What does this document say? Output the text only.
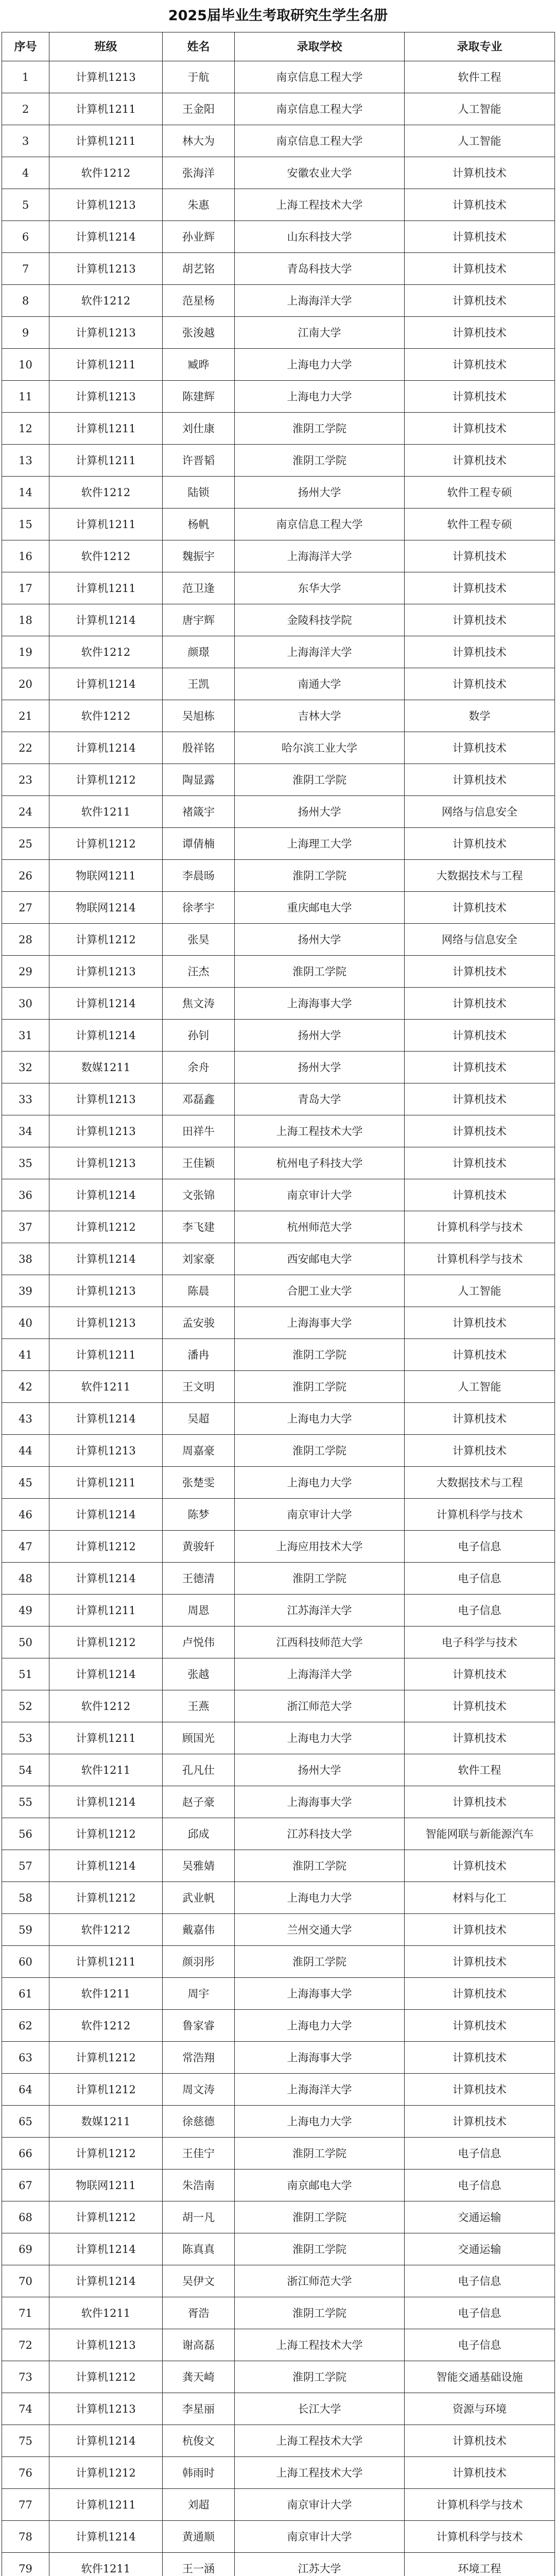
2025届毕业生考取研究生学生名册
序号	班级	姓名	录取学校	录取专业
1	计算机1213	于航	南京信息工程大学	软件工程
2	计算机1211	王金阳	南京信息工程大学	人工智能
3	计算机1211	林大为	南京信息工程大学	人工智能
4	软件1212	张海洋	安徽农业大学	计算机技术
5	计算机1213	朱惠	上海工程技术大学	计算机技术
6	计算机1214	孙业辉	山东科技大学	计算机技术
7	计算机1213	胡艺铭	青岛科技大学	计算机技术
8	软件1212	范星杨	上海海洋大学	计算机技术
9	计算机1213	张浚越	江南大学	计算机技术
10	计算机1211	臧晔	上海电力大学	计算机技术
11	计算机1213	陈建辉	上海电力大学	计算机技术
12	计算机1211	刘仕康	淮阴工学院	计算机技术
13	计算机1211	许晋韬	淮阴工学院	计算机技术
14	软件1212	陆锁	扬州大学	软件工程专硕
15	计算机1211	杨帆	南京信息工程大学	软件工程专硕
16	软件1212	魏振宇	上海海洋大学	计算机技术
17	计算机1211	范卫逢	东华大学	计算机技术
18	计算机1214	唐宇辉	金陵科技学院	计算机技术
19	软件1212	颜璟	上海海洋大学	计算机技术
20	计算机1214	王凯	南通大学	计算机技术
21	软件1212	吴旭栋	吉林大学	数学
22	计算机1214	殷祥铭	哈尔滨工业大学	计算机技术
23	计算机1212	陶显露	淮阴工学院	计算机技术
24	软件1211	褚箴宇	扬州大学	网络与信息安全
25	计算机1212	谭倩楠	上海理工大学	计算机技术
26	物联网1211	李晨旸	淮阴工学院	大数据技术与工程
27	物联网1214	徐孝宇	重庆邮电大学	计算机技术
28	计算机1212	张昊	扬州大学	网络与信息安全
29	计算机1213	汪杰	淮阴工学院	计算机技术
30	计算机1214	焦文涛	上海海事大学	计算机技术
31	计算机1214	孙钊	扬州大学	计算机技术
32	数媒1211	余舟	扬州大学	计算机技术
33	计算机1213	邓磊鑫	青岛大学	计算机技术
34	计算机1213	田祥牛	上海工程技术大学	计算机技术
35	计算机1213	王佳颖	杭州电子科技大学	计算机技术
36	计算机1214	文张锦	南京审计大学	计算机技术
37	计算机1212	李飞建	杭州师范大学	计算机科学与技术
38	计算机1214	刘家豪	西安邮电大学	计算机科学与技术
39	计算机1213	陈晨	合肥工业大学	人工智能
40	计算机1213	孟安骏	上海海事大学	计算机技术
41	计算机1211	潘冉	淮阴工学院	计算机技术
42	软件1211	王文明	淮阴工学院	人工智能
43	计算机1214	吴超	上海电力大学	计算机技术
44	计算机1213	周嘉豪	淮阴工学院	计算机技术
45	计算机1211	张楚雯	上海电力大学	大数据技术与工程
46	计算机1214	陈梦	南京审计大学	计算机科学与技术
47	计算机1212	黄骏轩	上海应用技术大学	电子信息
48	计算机1214	王德清	淮阴工学院	电子信息
49	计算机1211	周恩	江苏海洋大学	电子信息
50	计算机1212	卢悦伟	江西科技师范大学	电子科学与技术
51	计算机1214	张越	上海海洋大学	计算机技术
52	软件1212	王燕	浙江师范大学	计算机技术
53	计算机1211	顾国光	上海电力大学	计算机技术
54	软件1211	孔凡仕	扬州大学	软件工程
55	计算机1214	赵子豪	上海海事大学	计算机技术
56	计算机1212	邱成	江苏科技大学	智能网联与新能源汽车
57	计算机1214	吴雅婧	淮阴工学院	计算机技术
58	计算机1212	武业帆	上海电力大学	材料与化工
59	软件1212	戴嘉伟	兰州交通大学	计算机技术
60	计算机1211	颜羽彤	淮阴工学院	计算机技术
61	软件1211	周宇	上海海事大学	计算机技术
62	软件1212	鲁家睿	上海电力大学	计算机技术
63	计算机1212	常浩翔	上海海事大学	计算机技术
64	计算机1212	周文涛	上海海洋大学	计算机技术
65	数媒1211	徐慈德	上海电力大学	计算机技术
66	计算机1212	王佳宁	淮阴工学院	电子信息
67	物联网1211	朱浩南	南京邮电大学	电子信息
68	计算机1212	胡一凡	淮阴工学院	交通运输
69	计算机1214	陈真真	淮阴工学院	交通运输
70	计算机1214	吴伊文	浙江师范大学	电子信息
71	软件1211	胥浩	淮阴工学院	电子信息
72	计算机1213	谢高磊	上海工程技术大学	电子信息
73	计算机1212	龚天崎	淮阴工学院	智能交通基础设施
74	计算机1213	李星丽	长江大学	资源与环境
75	计算机1214	杭俊文	上海工程技术大学	计算机技术
76	计算机1212	韩雨时	上海工程技术大学	计算机技术
77	计算机1211	刘超	南京审计大学	计算机科学与技术
78	计算机1214	黄通顺	南京审计大学	计算机科学与技术
79	软件1211	王一涵	江苏大学	环境工程
